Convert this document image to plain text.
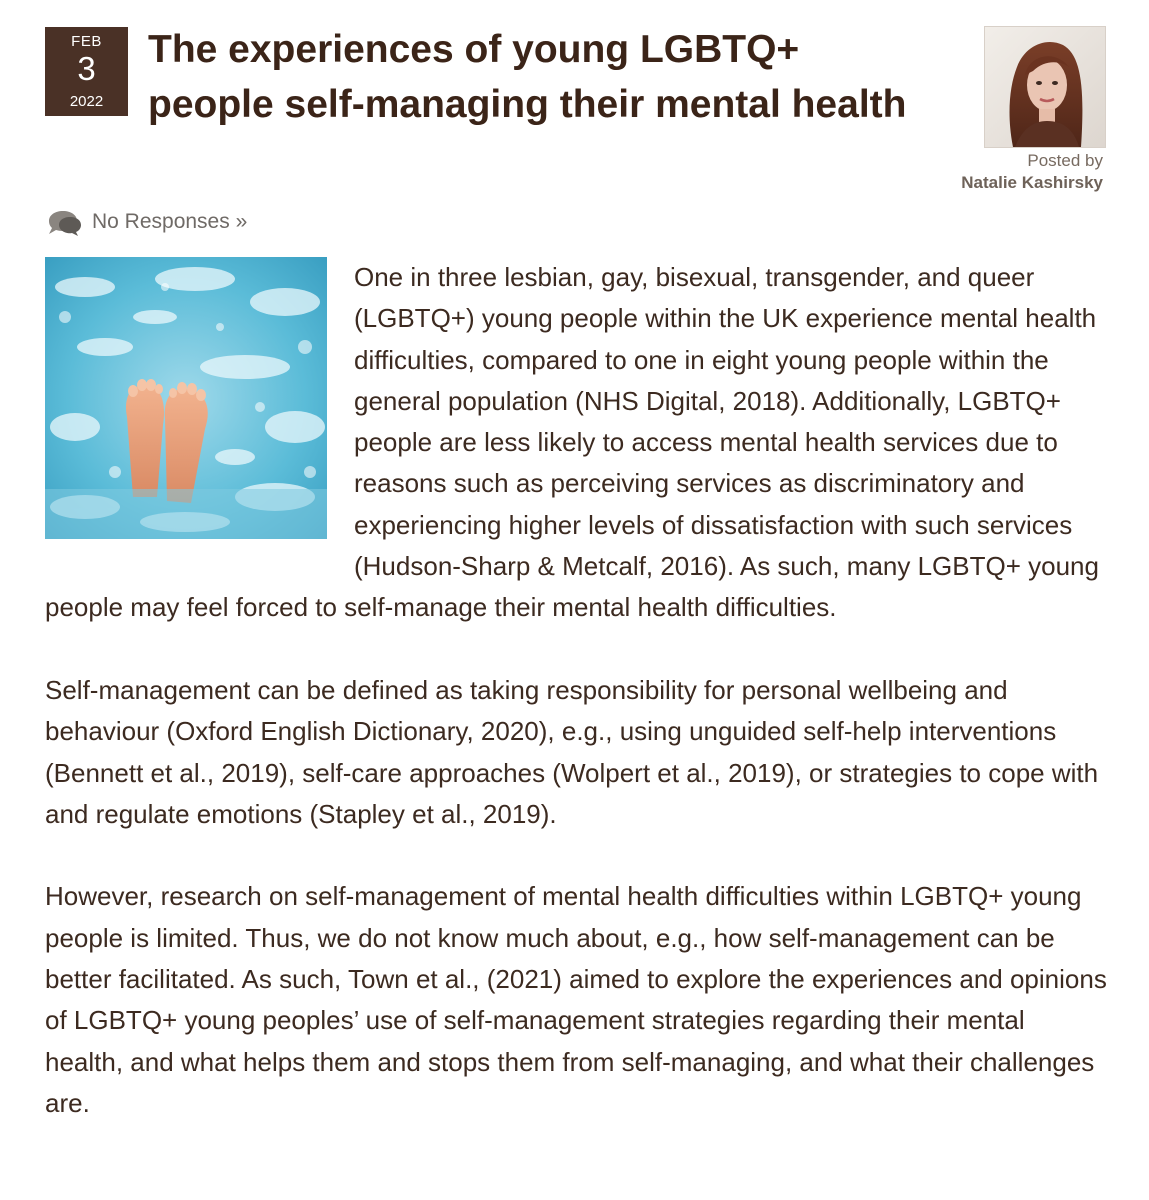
FEB
3
2022
The experiences of young LGBTQ+ people self-managing their mental health
Posted by
Natalie Kashirsky
No Responses »

One in three lesbian, gay, bisexual, transgender, and queer (LGBTQ+) young people within the UK experience mental health difficulties, compared to one in eight young people within the general population (NHS Digital, 2018). Additionally, LGBTQ+ people are less likely to access mental health services due to reasons such as perceiving services as discriminatory and experiencing higher levels of dissatisfaction with such services (Hudson-Sharp & Metcalf, 2016). As such, many LGBTQ+ young people may feel forced to self-manage their mental health difficulties.

Self-management can be defined as taking responsibility for personal wellbeing and behaviour (Oxford English Dictionary, 2020), e.g., using unguided self-help interventions (Bennett et al., 2019), self-care approaches (Wolpert et al., 2019), or strategies to cope with and regulate emotions (Stapley et al., 2019).

However, research on self-management of mental health difficulties within LGBTQ+ young people is limited. Thus, we do not know much about, e.g., how self-management can be better facilitated. As such, Town et al., (2021) aimed to explore the experiences and opinions of LGBTQ+ young peoples’ use of self-management strategies regarding their mental health, and what helps them and stops them from self-managing, and what their challenges are.
